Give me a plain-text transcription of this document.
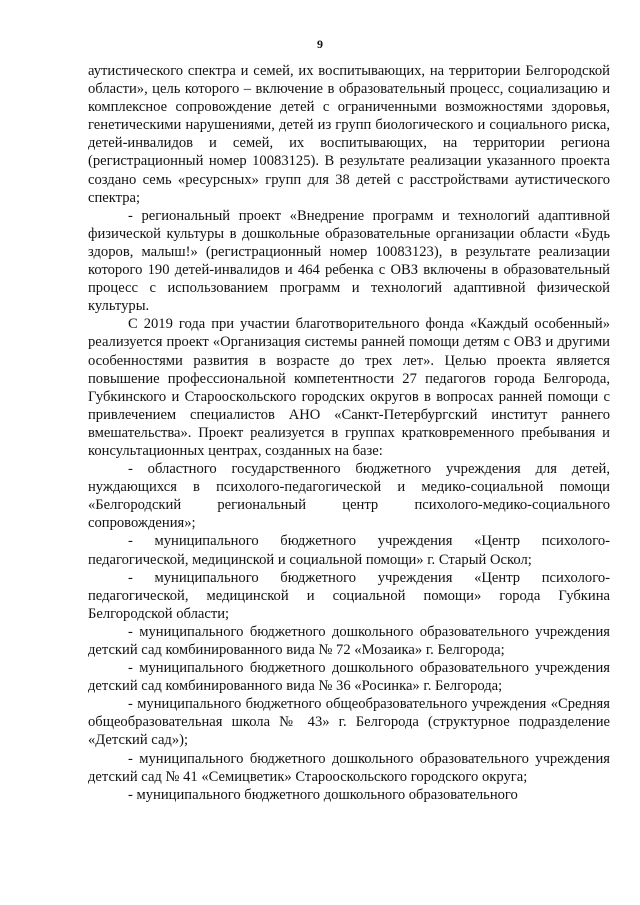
9

аутистического спектра и семей, их воспитывающих, на территории Белгородской области», цель которого – включение в образовательный процесс, социализацию и комплексное сопровождение детей с ограниченными возможностями здоровья, генетическими нарушениями, детей из групп биологического и социального риска, детей-инвалидов и семей, их воспитывающих, на территории региона (регистрационный номер 10083125). В результате реализации указанного проекта создано семь «ресурсных» групп для 38 детей с расстройствами аутистического спектра;

- региональный проект «Внедрение программ и технологий адаптивной физической культуры в дошкольные образовательные организации области «Будь здоров, малыш!» (регистрационный номер 10083123), в результате реализации которого 190 детей-инвалидов и 464 ребенка с ОВЗ включены в образовательный процесс с использованием программ и технологий адаптивной физической культуры.

С 2019 года при участии благотворительного фонда «Каждый особенный» реализуется проект «Организация системы ранней помощи детям с ОВЗ и другими особенностями развития в возрасте до трех лет». Целью проекта является повышение профессиональной компетентности 27 педагогов города Белгорода, Губкинского и Старооскольского городских округов в вопросах ранней помощи с привлечением специалистов АНО «Санкт-Петербургский институт раннего вмешательства». Проект реализуется в группах кратковременного пребывания и консультационных центрах, созданных на базе:

- областного государственного бюджетного учреждения для детей, нуждающихся в психолого-педагогической и медико-социальной помощи «Белгородский региональный центр психолого-медико-социального сопровождения»;

- муниципального бюджетного учреждения «Центр психолого-педагогической, медицинской и социальной помощи» г. Старый Оскол;

- муниципального бюджетного учреждения «Центр психолого-педагогической, медицинской и социальной помощи» города Губкина Белгородской области;

- муниципального бюджетного дошкольного образовательного учреждения детский сад комбинированного вида № 72 «Мозаика» г. Белгорода;

- муниципального бюджетного дошкольного образовательного учреждения детский сад комбинированного вида № 36 «Росинка» г. Белгорода;

- муниципального бюджетного общеобразовательного учреждения «Средняя общеобразовательная школа № 43» г. Белгорода (структурное подразделение «Детский сад»);

- муниципального бюджетного дошкольного образовательного учреждения детский сад № 41 «Семицветик» Старооскольского городского округа;

- муниципального бюджетного дошкольного образовательного
